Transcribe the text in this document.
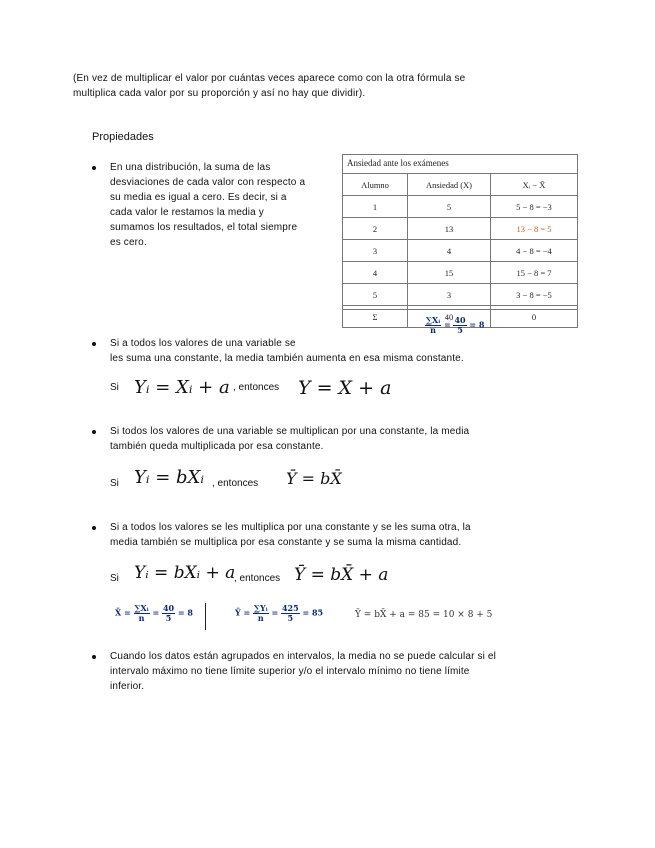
(En vez de multiplicar el valor por cuántas veces aparece como con la otra fórmula se
multiplica cada valor por su proporción y así no hay que dividir).
Propiedades
En una distribución, la suma de las
desviaciones de cada valor con respecto a
su media es igual a cero. Es decir, si a
cada valor le restamos la media y
sumamos los resultados, el total siempre
es cero.
Ansiedad ante los exámenes
Alumno	Ansiedad (X)	Xᵢ − X̄
1	5	5 − 8 = −3
2	13	13 − 8 = 5
3	4	4 − 8 = −4
4	15	15 − 8 = 7
5	3	3 − 8 = −5
Σ	40	0
$\frac{\text{∑Xᵢ}}{n} = \frac{40}{5} = 8$
Si a todos los valores de una variable se
les suma una constante, la media también aumenta en esa misma constante.
Si Yᵢ = Xᵢ + a , entonces Y = X + a
Si todos los valores de una variable se multiplican por una constante, la media
también queda multiplicada por esa constante.
Si Yᵢ = bXᵢ , entonces Ȳ = bX̄
Si a todos los valores se les multiplica por una constante y se les suma otra, la
media también se multiplica por esa constante y se suma la misma cantidad.
Si Yᵢ = bXᵢ + a
, entonces Ȳ = bX̄ + a
X̄ = $\frac{\text{∑Xᵢ}}{n} = \frac{40}{5} = 8$	Ȳ = $\frac{\text{∑Yᵢ}}{n} = \frac{425}{5} = 85$	Ȳ = bX̄ + a = 85 = 10 × 8 + 5
Cuando los datos están agrupados en intervalos, la media no se puede calcular si el
intervalo máximo no tiene límite superior y/o el intervalo mínimo no tiene límite
inferior.
